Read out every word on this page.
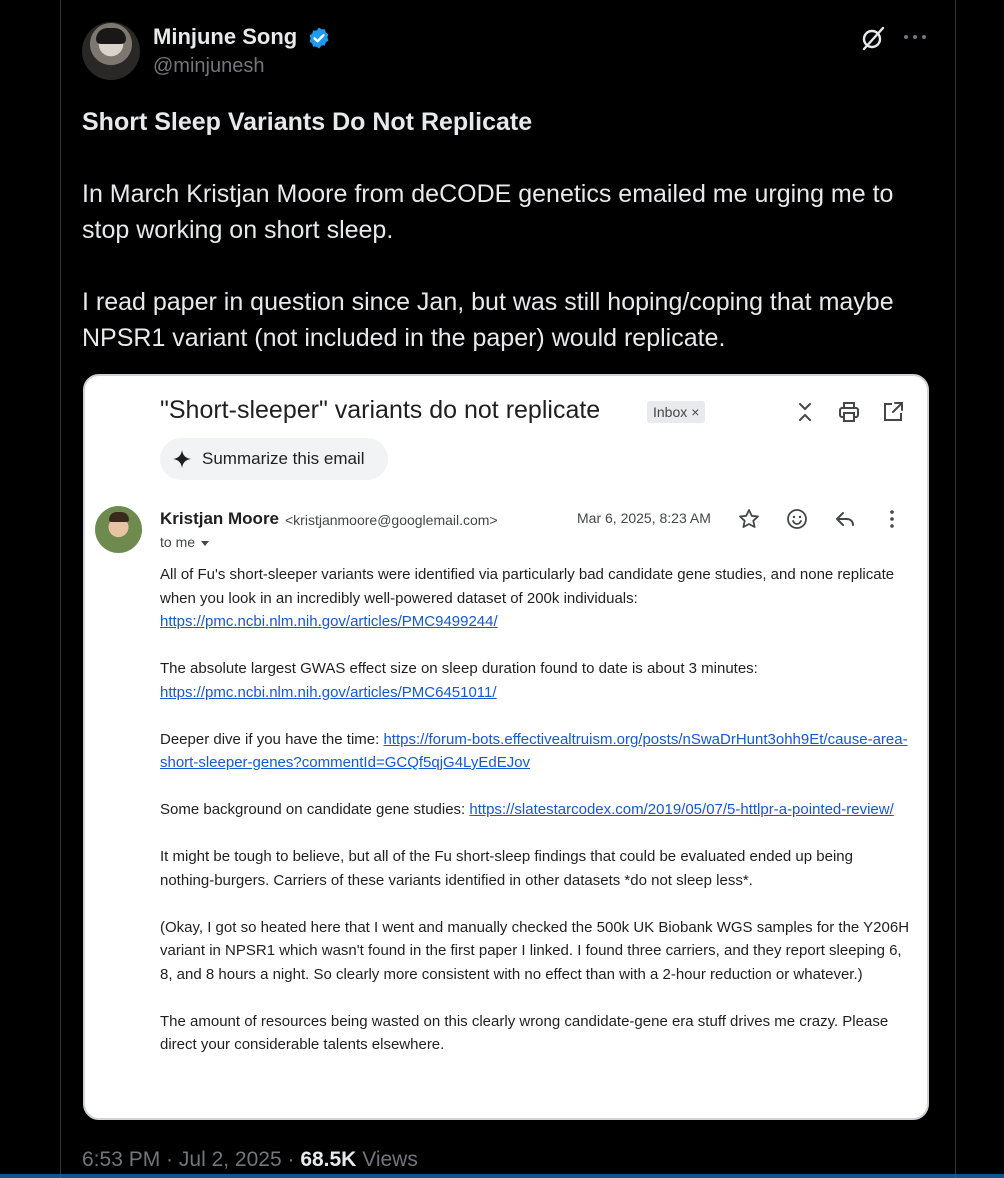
Minjune Song
@minjunesh
Short Sleep Variants Do Not Replicate
In March Kristjan Moore from deCODE genetics emailed me urging me to stop working on short sleep.
I read paper in question since Jan, but was still hoping/coping that maybe NPSR1 variant (not included in the paper) would replicate.
"Short-sleeper" variants do not replicate	Inbox ×
Summarize this email
Kristjan Moore <kristjanmoore@googlemail.com>
to me
Mar 6, 2025, 8:23 AM

All of Fu's short-sleeper variants were identified via particularly bad candidate gene studies, and none replicate when you look in an incredibly well-powered dataset of 200k individuals: https://pmc.ncbi.nlm.nih.gov/articles/PMC9499244/

The absolute largest GWAS effect size on sleep duration found to date is about 3 minutes: https://pmc.ncbi.nlm.nih.gov/articles/PMC6451011/

Deeper dive if you have the time: https://forum-bots.effectivealtruism.org/posts/nSwaDrHunt3ohh9Et/cause-area-short-sleeper-genes?commentId=GCQf5qjG4LyEdEJov

Some background on candidate gene studies: https://slatestarcodex.com/2019/05/07/5-httlpr-a-pointed-review/

It might be tough to believe, but all of the Fu short-sleep findings that could be evaluated ended up being nothing-burgers. Carriers of these variants identified in other datasets *do not sleep less*.

(Okay, I got so heated here that I went and manually checked the 500k UK Biobank WGS samples for the Y206H variant in NPSR1 which wasn't found in the first paper I linked. I found three carriers, and they report sleeping 6, 8, and 8 hours a night. So clearly more consistent with no effect than with a 2-hour reduction or whatever.)

The amount of resources being wasted on this clearly wrong candidate-gene era stuff drives me crazy. Please direct your considerable talents elsewhere.

6:53 PM · Jul 2, 2025 · 68.5K Views
